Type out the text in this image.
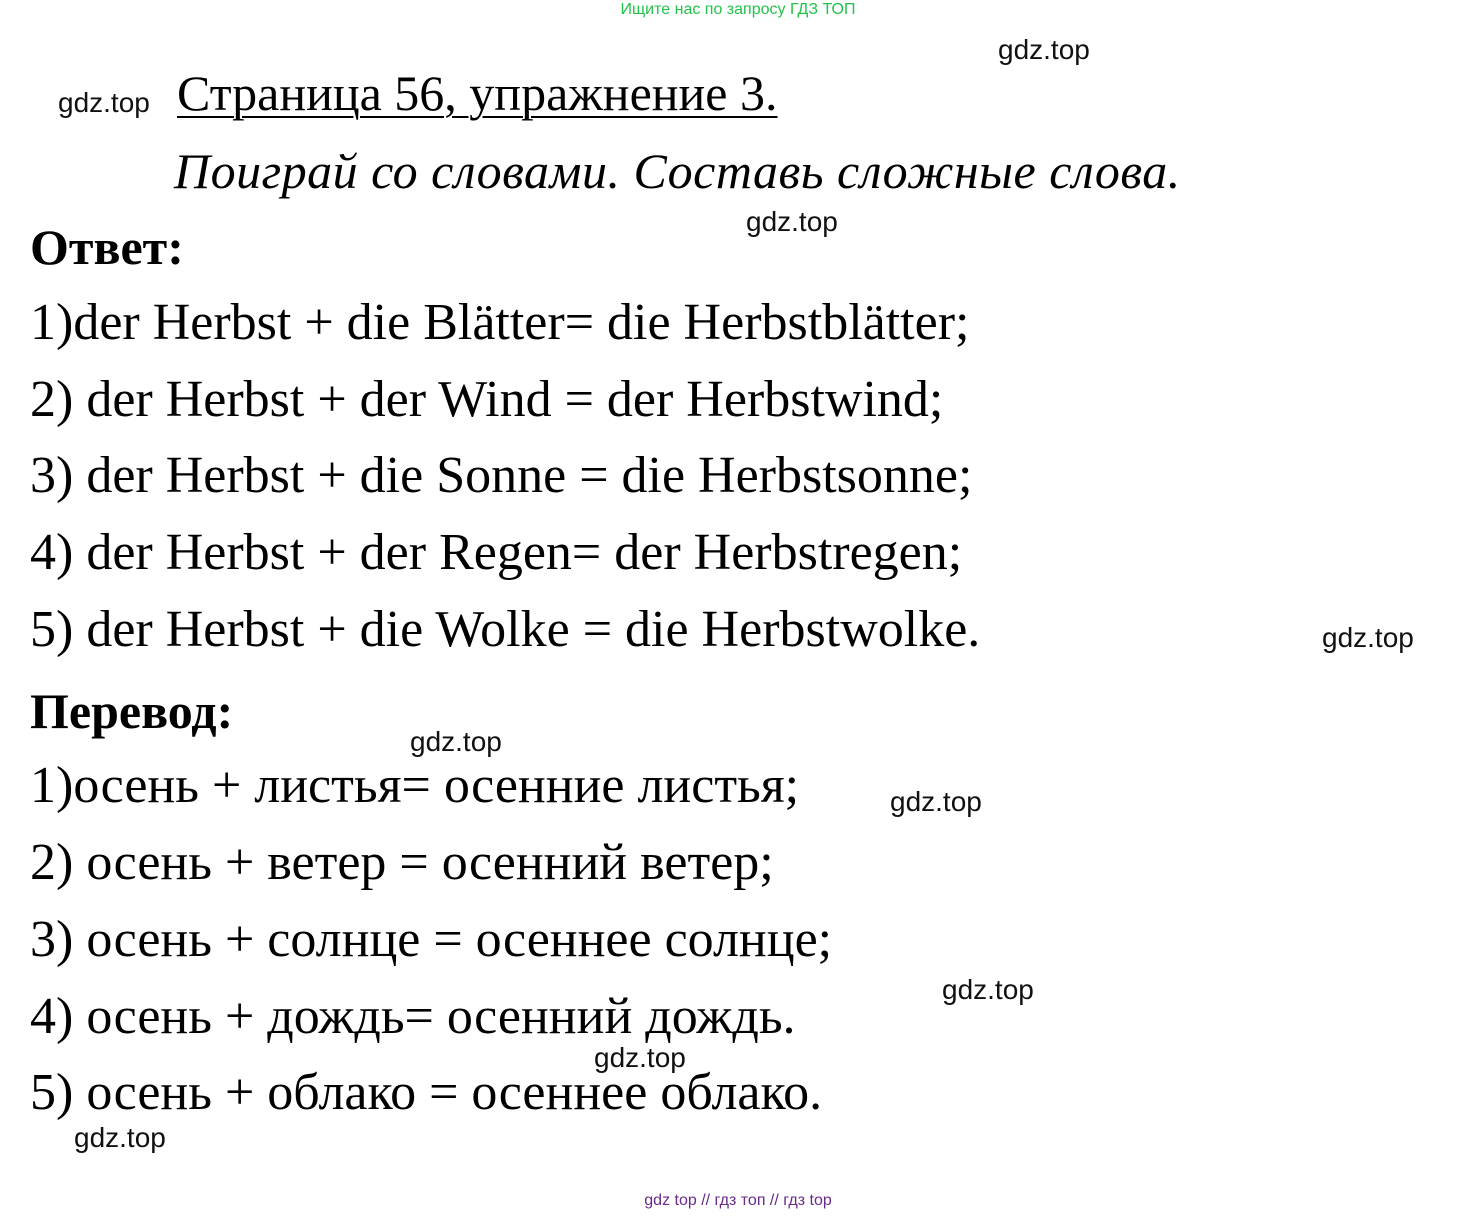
Ищите нас по запросу ГДЗ ТОП
gdz.top
gdz.top
gdz.top
gdz.top
gdz.top
gdz.top
gdz.top
gdz.top
gdz.top
Страница 56, упражнение 3.
Поиграй со словами. Составь сложные слова.
Ответ:
1)der Herbst + die Blätter= die Herbstblätter;
2) der Herbst + der Wind = der Herbstwind;
3) der Herbst + die Sonne = die Herbstsonne;
4) der Herbst + der Regen= der Herbstregen;
5) der Herbst + die Wolke = die Herbstwolke.
Перевод:
1)осень + листья= осенние листья;
2) осень + ветер = осенний ветер;
3) осень + солнце = осеннее солнце;
4) осень + дождь= осенний дождь.
5) осень + облако = осеннее облако.
gdz top // гдз топ // гдз top
